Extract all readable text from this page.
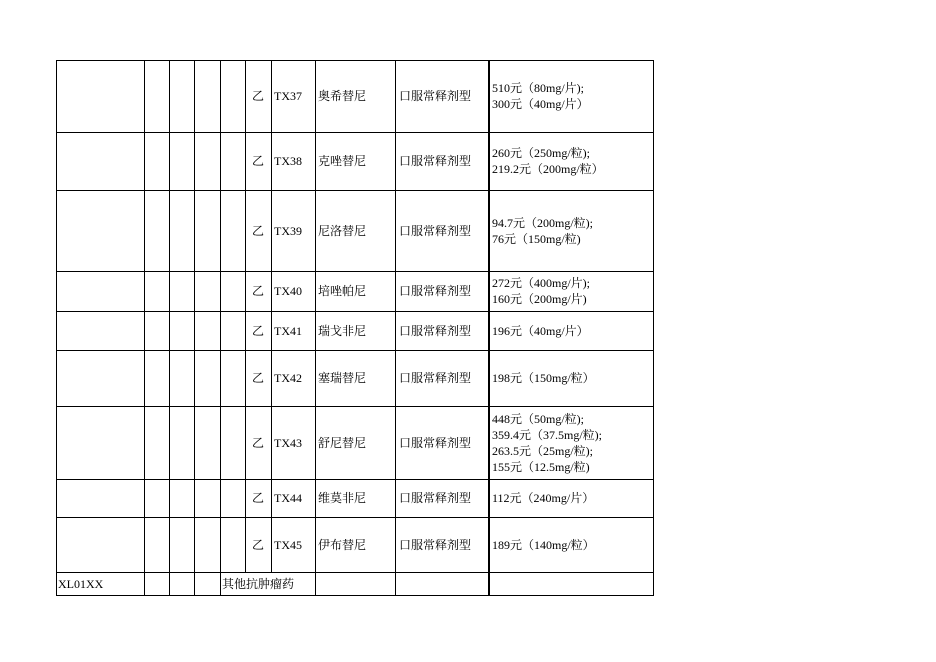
乙 TX37 奥希替尼	口服常释剂型
510元（80mg/片);
300元（40mg/片）
乙 TX38 克唑替尼	口服常释剂型
260元（250mg/粒);
219.2元（200mg/粒）
乙 TX39 尼洛替尼	口服常释剂型
94.7元（200mg/粒);
76元（150mg/粒)
乙 TX40 培唑帕尼	口服常释剂型
272元（400mg/片);
160元（200mg/片)
乙 TX41 瑞戈非尼	口服常释剂型 196元（40mg/片）
乙 TX42 塞瑞替尼	口服常释剂型 198元（150mg/粒）
乙 TX43 舒尼替尼	口服常释剂型
448元（50mg/粒);
359.4元（37.5mg/粒);
263.5元（25mg/粒);
155元（12.5mg/粒)
乙 TX44 维莫非尼	口服常释剂型 112元（240mg/片）
乙 TX45 伊布替尼	口服常释剂型 189元（140mg/粒）
XL01XX	其他抗肿瘤药
